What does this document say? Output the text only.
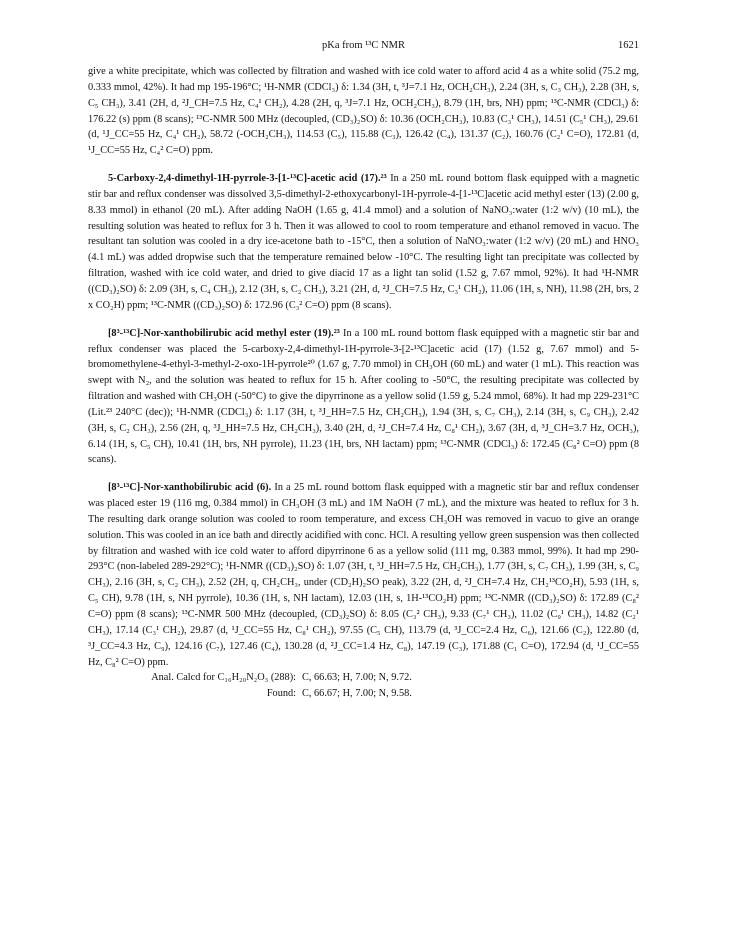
pKa from ¹³C NMR	1621

give a white precipitate, which was collected by filtration and washed with ice cold water to afford acid 4 as a white solid (75.2 mg, 0.333 mmol, 42%). It had mp 195-196°C; ¹H-NMR (CDCl₃) δ: 1.34 (3H, t, ³J=7.1 Hz, OCH₂CH₃), 2.24 (3H, s, C₃ CH₃), 2.28 (3H, s, C₅ CH₃), 3.41 (2H, d, ²J_CH=7.5 Hz, C₄¹ CH₂), 4.28 (2H, q, ³J=7.1 Hz, OCH₂CH₃), 8.79 (1H, brs, NH) ppm; ¹³C-NMR (CDCl₃) δ: 176.22 (s) ppm (8 scans); ¹³C-NMR 500 MHz (decoupled, (CD₃)₂SO) δ: 10.36 (OCH₂CH₃), 10.83 (C₃¹ CH₃), 14.51 (C₅¹ CH₃), 29.61 (d, ¹J_CC=55 Hz, C₄¹ CH₂), 58.72 (-OCH₂CH₃), 114.53 (C₅), 115.88 (C₃), 126.42 (C₄), 131.37 (C₂), 160.76 (C₂¹ C=O), 172.81 (d, ¹J_CC=55 Hz, C₄² C=O) ppm.

5-Carboxy-2,4-dimethyl-1H-pyrrole-3-[1-¹³C]-acetic acid (17).²³ In a 250 mL round bottom flask equipped with a magnetic stir bar and reflux condenser was dissolved 3,5-dimethyl-2-ethoxycarbonyl-1H-pyrrole-4-[1-¹³C]acetic acid methyl ester (13) (2.00 g, 8.33 mmol) in ethanol (20 mL). After adding NaOH (1.65 g, 41.4 mmol) and a solution of NaNO₃:water (1:2 w/v) (10 mL), the resulting solution was heated to reflux for 3 h. Then it was allowed to cool to room temperature and ethanol removed in vacuo. The resultant tan solution was cooled in a dry ice-acetone bath to -15°C, then a solution of NaNO₃:water (1:2 w/v) (20 mL) and HNO₃ (4.1 mL) was added dropwise such that the temperature remained below -10°C. The resulting light tan precipitate was collected by filtration, washed with ice cold water, and dried to give diacid 17 as a light tan solid (1.52 g, 7.67 mmol, 92%). It had ¹H-NMR ((CD₃)₂SO) δ: 2.09 (3H, s, C₄ CH₃), 2.12 (3H, s, C₂ CH₃), 3.21 (2H, d, ²J_CH=7.5 Hz, C₃¹ CH₂), 11.06 (1H, s, NH), 11.98 (2H, brs, 2 x CO₂H) ppm; ¹³C-NMR ((CD₃)₂SO) δ: 172.96 (C₃² C=O) ppm (8 scans).

[8³-¹³C]-Nor-xanthobilirubic acid methyl ester (19).²³ In a 100 mL round bottom flask equipped with a magnetic stir bar and reflux condenser was placed the 5-carboxy-2,4-dimethyl-1H-pyrrole-3-[2-¹³C]acetic acid (17) (1.52 g, 7.67 mmol) and 5-bromomethylene-4-ethyl-3-methyl-2-oxo-1H-pyrrole²⁰ (1.67 g, 7.70 mmol) in CH₃OH (60 mL) and water (1 mL). This reaction was swept with N₂, and the solution was heated to reflux for 15 h. After cooling to -50°C, the resulting precipitate was collected by filtration and washed with CH₃OH (-50°C) to give the dipyrrinone as a yellow solid (1.59 g, 5.24 mmol, 68%). It had mp 229-231°C (Lit.²³ 240°C (dec)); ¹H-NMR (CDCl₃) δ: 1.17 (3H, t, ³J_HH=7.5 Hz, CH₂CH₃), 1.94 (3H, s, C₇ CH₃), 2.14 (3H, s, C₉ CH₃), 2.42 (3H, s, C₂ CH₃), 2.56 (2H, q, ³J_HH=7.5 Hz, CH₂CH₃), 3.40 (2H, d, ²J_CH=7.4 Hz, C₈¹ CH₂), 3.67 (3H, d, ³J_CH=3.7 Hz, OCH₃), 6.14 (1H, s, C₅ CH), 10.41 (1H, brs, NH pyrrole), 11.23 (1H, brs, NH lactam) ppm; ¹³C-NMR (CDCl₃) δ: 172.45 (C₈² C=O) ppm (8 scans).

[8³-¹³C]-Nor-xanthobilirubic acid (6). In a 25 mL round bottom flask equipped with a magnetic stir bar and reflux condenser was placed ester 19 (116 mg, 0.384 mmol) in CH₃OH (3 mL) and 1M NaOH (7 mL), and the mixture was heated to reflux for 3 h. The resulting dark orange solution was cooled to room temperature, and excess CH₃OH was removed in vacuo to give an orange solution. This was cooled in an ice bath and directly acidified with conc. HCl. A resulting yellow green suspension was then collected by filtration and washed with ice cold water to afford dipyrrinone 6 as a yellow solid (111 mg, 0.383 mmol, 99%). It had mp 290-293°C (non-labeled 289-292°C); ¹H-NMR ((CD₃)₂SO) δ: 1.07 (3H, t, ³J_HH=7.5 Hz, CH₂CH₃), 1.77 (3H, s, C₇ CH₃), 1.99 (3H, s, C₉ CH₃), 2.16 (3H, s, C₂ CH₃), 2.52 (2H, q, CH₂CH₃, under (CD₂H)₂SO peak), 3.22 (2H, d, ²J_CH=7.4 Hz, CH₂¹³CO₂H), 5.93 (1H, s, C₅ CH), 9.78 (1H, s, NH pyrrole), 10.36 (1H, s, NH lactam), 12.03 (1H, s, 1H-¹³CO₂H) ppm; ¹³C-NMR ((CD₃)₂SO) δ: 172.89 (C₈² C=O) ppm (8 scans); ¹³C-NMR 500 MHz (decoupled, (CD₃)₂SO) δ: 8.05 (C₃² CH₃), 9.33 (C₇¹ CH₃), 11.02 (C₉¹ CH₃), 14.82 (C₂¹ CH₃), 17.14 (C₃¹ CH₂), 29.87 (d, ¹J_CC=55 Hz, C₈¹ CH₂), 97.55 (C₅ CH), 113.79 (d, ³J_CC=2.4 Hz, C₆), 121.66 (C₂), 122.80 (d, ³J_CC=4.3 Hz, C₉), 124.16 (C₇), 127.46 (C₄), 130.28 (d, ²J_CC=1.4 Hz, C₈), 147.19 (C₃), 171.88 (C₁ C=O), 172.94 (d, ¹J_CC=55 Hz, C₈² C=O) ppm.

Anal. Calcd for C₁₆H₂₀N₂O₃ (288): C, 66.63; H, 7.00; N, 9.72.
Found: C, 66.67; H, 7.00; N, 9.58.
